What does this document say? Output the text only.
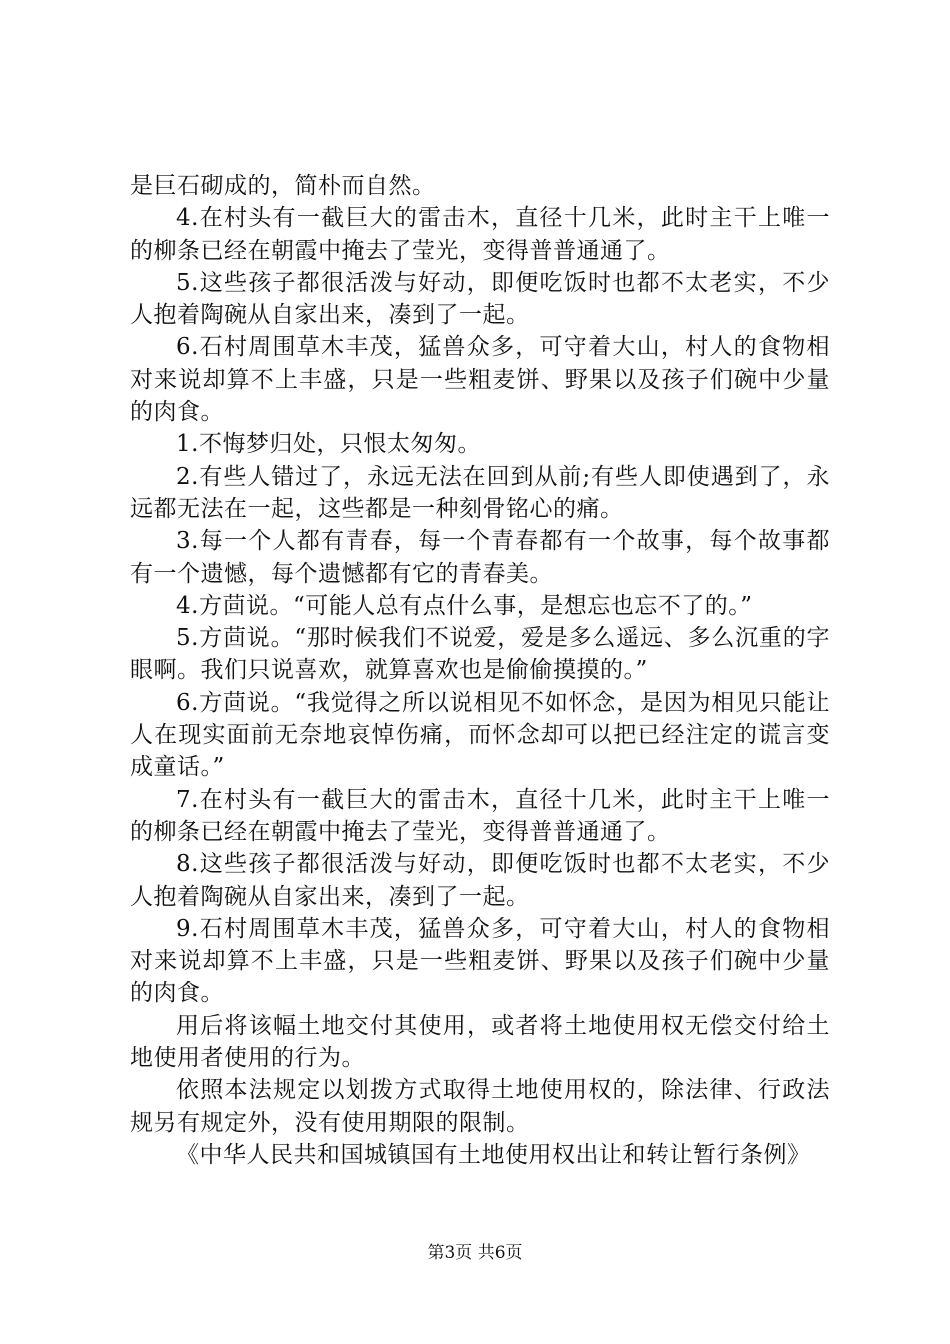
是巨石砌成的，简朴而自然。

4.在村头有一截巨大的雷击木，直径十几米，此时主干上唯一的柳条已经在朝霞中掩去了莹光，变得普普通通了。

5.这些孩子都很活泼与好动，即便吃饭时也都不太老实，不少人抱着陶碗从自家出来，凑到了一起。

6.石村周围草木丰茂，猛兽众多，可守着大山，村人的食物相对来说却算不上丰盛，只是一些粗麦饼、野果以及孩子们碗中少量的肉食。

1.不悔梦归处，只恨太匆匆。

2.有些人错过了，永远无法在回到从前;有些人即使遇到了，永远都无法在一起，这些都是一种刻骨铭心的痛。

3.每一个人都有青春，每一个青春都有一个故事，每个故事都有一个遗憾，每个遗憾都有它的青春美。

4.方茴说。“可能人总有点什么事，是想忘也忘不了的。”

5.方茴说。“那时候我们不说爱，爱是多么遥远、多么沉重的字眼啊。我们只说喜欢，就算喜欢也是偷偷摸摸的。”

6.方茴说。“我觉得之所以说相见不如怀念，是因为相见只能让人在现实面前无奈地哀悼伤痛，而怀念却可以把已经注定的谎言变成童话。”

7.在村头有一截巨大的雷击木，直径十几米，此时主干上唯一的柳条已经在朝霞中掩去了莹光，变得普普通通了。

8.这些孩子都很活泼与好动，即便吃饭时也都不太老实，不少人抱着陶碗从自家出来，凑到了一起。

9.石村周围草木丰茂，猛兽众多，可守着大山，村人的食物相对来说却算不上丰盛，只是一些粗麦饼、野果以及孩子们碗中少量的肉食。

用后将该幅土地交付其使用，或者将土地使用权无偿交付给土地使用者使用的行为。

依照本法规定以划拨方式取得土地使用权的，除法律、行政法规另有规定外，没有使用期限的限制。

《中华人民共和国城镇国有土地使用权出让和转让暂行条例》

第3页 共6页
